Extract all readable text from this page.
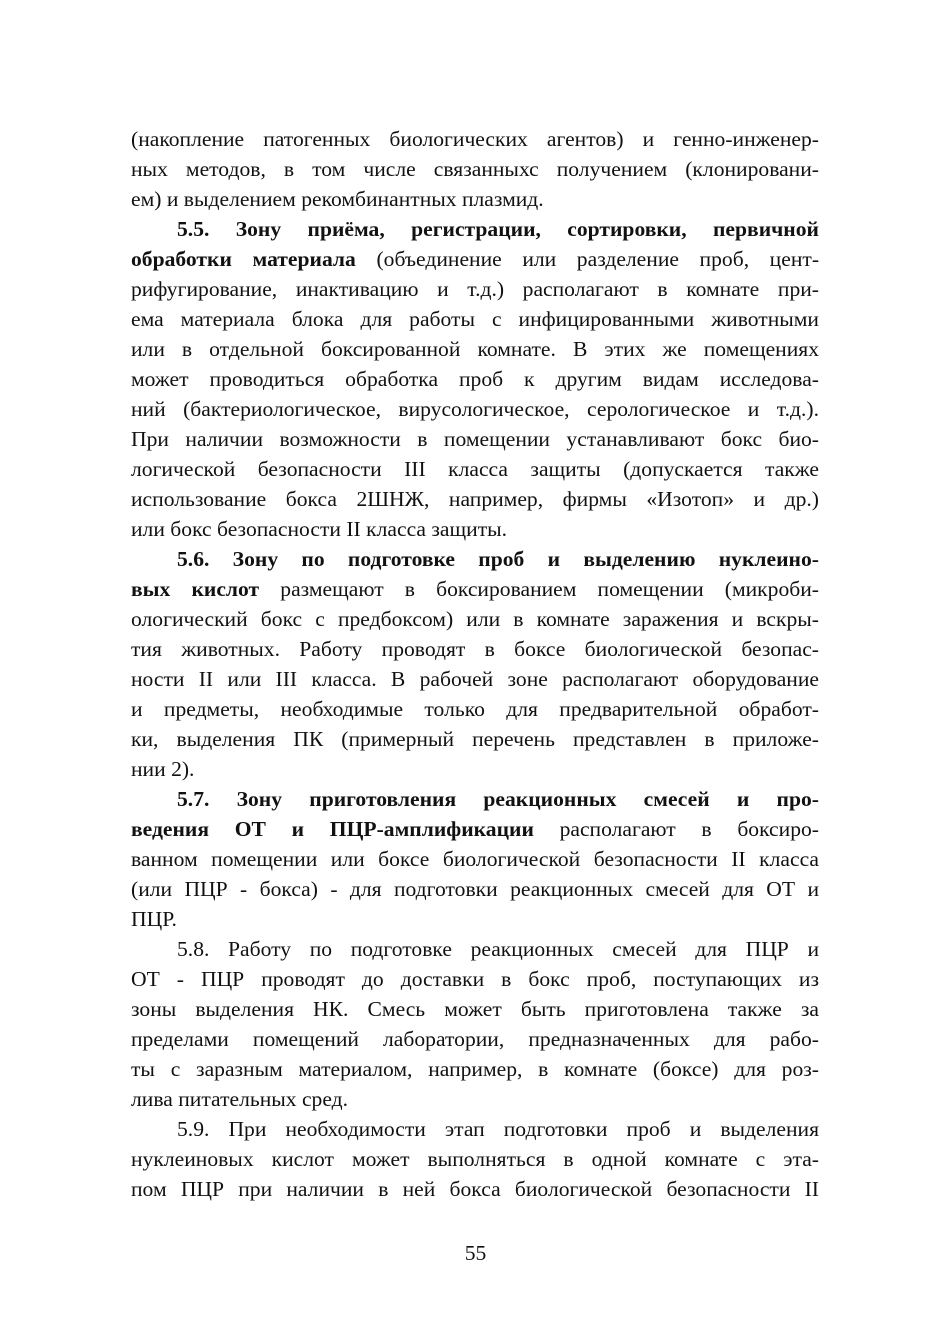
(накопление патогенных биологических агентов) и генно-инженер-
ных методов, в том числе связанныхс получением (клонировани-
ем) и выделением рекомбинантных плазмид.
5.5. Зону приёма, регистрации, сортировки, первичной
обработки материала (объединение или разделение проб, цент-
рифугирование, инактивацию и т.д.) располагают в комнате при-
ема материала блока для работы с инфицированными животными
или в отдельной боксированной комнате. В этих же помещениях
может проводиться обработка проб к другим видам исследова-
ний (бактериологическое, вирусологическое, серологическое и т.д.).
При наличии возможности в помещении устанавливают бокс био-
логической безопасности III класса защиты (допускается также
использование бокса 2ШНЖ, например, фирмы «Изотоп» и др.)
или бокс безопасности II класса защиты.
5.6. Зону по подготовке проб и выделению нуклеино-
вых кислот размещают в боксированием помещении (микроби-
ологический бокс с предбоксом) или в комнате заражения и вскры-
тия животных. Работу проводят в боксе биологической безопас-
ности II или III класса. В рабочей зоне располагают оборудование
и предметы, необходимые только для предварительной обработ-
ки, выделения ПК (примерный перечень представлен в приложе-
нии 2).
5.7. Зону приготовления реакционных смесей и про-
ведения ОТ и ПЦР-амплификации располагают в боксиро-
ванном помещении или боксе биологической безопасности II класса
(или ПЦР - бокса) - для подготовки реакционных смесей для ОТ и
ПЦР.
5.8. Работу по подготовке реакционных смесей для ПЦР и
ОТ - ПЦР проводят до доставки в бокс проб, поступающих из
зоны выделения НК. Смесь может быть приготовлена также за
пределами помещений лаборатории, предназначенных для рабо-
ты с заразным материалом, например, в комнате (боксе) для роз-
лива питательных сред.
5.9. При необходимости этап подготовки проб и выделения
нуклеиновых кислот может выполняться в одной комнате с эта-
пом ПЦР при наличии в ней бокса биологической безопасности II
55
